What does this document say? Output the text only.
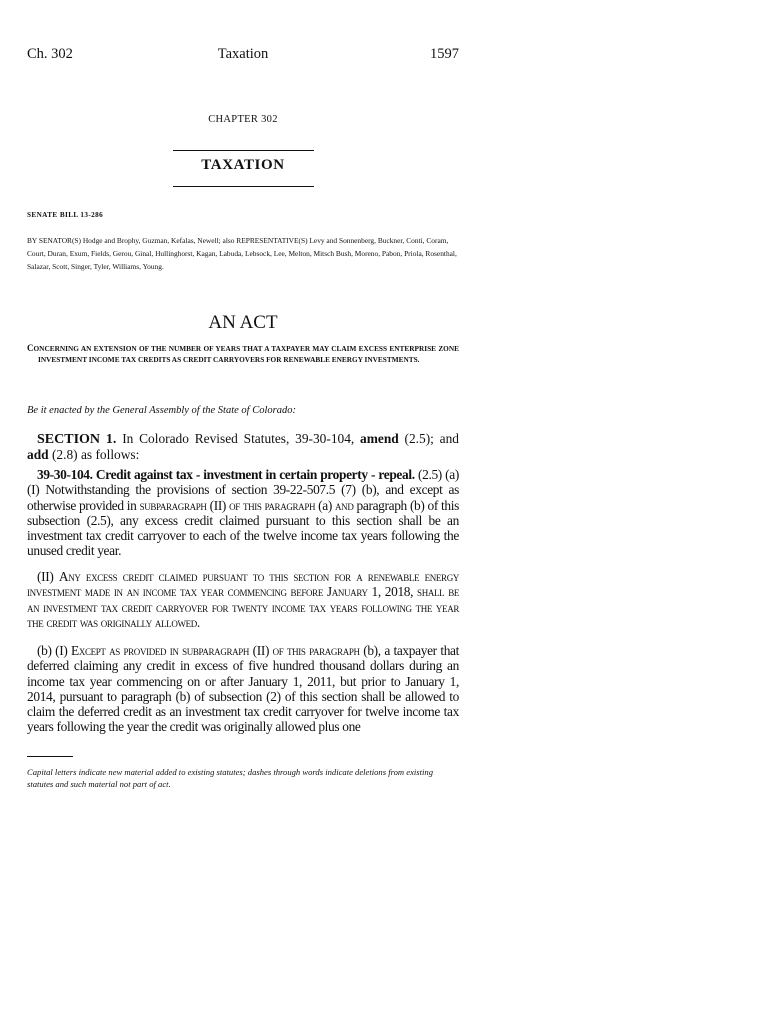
Taxation
Ch. 302	1597
CHAPTER 302
TAXATION
SENATE BILL 13-286
BY SENATOR(S) Hodge and Brophy, Guzman, Kefalas, Newell; also REPRESENTATIVE(S) Levy and Sonnenberg, Buckner, Conti, Coram, Court, Duran, Exum, Fields, Gerou, Ginal, Hullinghorst, Kagan, Labuda, Lebsock, Lee, Melton, Mitsch Bush, Moreno, Pabon, Priola, Rosenthal, Salazar, Scott, Singer, Tyler, Williams, Young.
AN ACT
CONCERNING AN EXTENSION OF THE NUMBER OF YEARS THAT A TAXPAYER MAY CLAIM EXCESS ENTERPRISE ZONE INVESTMENT INCOME TAX CREDITS AS CREDIT CARRYOVERS FOR RENEWABLE ENERGY INVESTMENTS.
Be it enacted by the General Assembly of the State of Colorado:
SECTION 1. In Colorado Revised Statutes, 39-30-104, amend (2.5); and add (2.8) as follows:
39-30-104. Credit against tax - investment in certain property - repeal. (2.5) (a) (I) Notwithstanding the provisions of section 39-22-507.5 (7) (b), and except as otherwise provided in subparagraph (II) of this paragraph (a) and paragraph (b) of this subsection (2.5), any excess credit claimed pursuant to this section shall be an investment tax credit carryover to each of the twelve income tax years following the unused credit year.
(II) Any excess credit claimed pursuant to this section for a renewable energy investment made in an income tax year commencing before January 1, 2018, shall be an investment tax credit carryover for twenty income tax years following the year the credit was originally allowed.
(b) (I) Except as provided in subparagraph (II) of this paragraph (b), a taxpayer that deferred claiming any credit in excess of five hundred thousand dollars during an income tax year commencing on or after January 1, 2011, but prior to January 1, 2014, pursuant to paragraph (b) of subsection (2) of this section shall be allowed to claim the deferred credit as an investment tax credit carryover for twelve income tax years following the year the credit was originally allowed plus one
Capital letters indicate new material added to existing statutes; dashes through words indicate deletions from existing statutes and such material not part of act.
